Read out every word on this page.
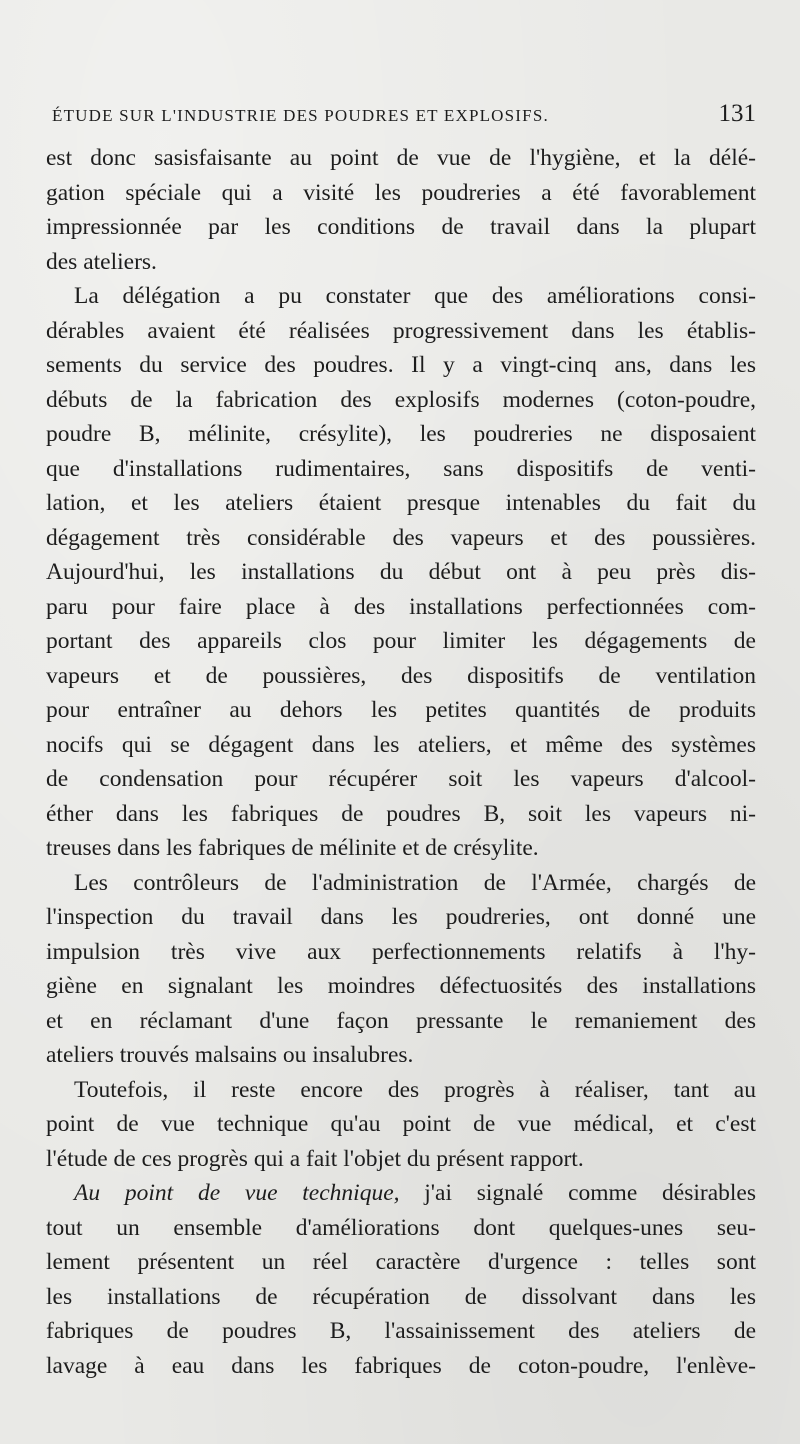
ÉTUDE SUR L'INDUSTRIE DES POUDRES ET EXPLOSIFS.	131
est donc sasisfaisante au point de vue de l'hygiène, et la délé-
gation spéciale qui a visité les poudreries a été favorablement
impressionnée par les conditions de travail dans la plupart
des ateliers.
La délégation a pu constater que des améliorations consi-
dérables avaient été réalisées progressivement dans les établis-
sements du service des poudres. Il y a vingt-cinq ans, dans les
débuts de la fabrication des explosifs modernes (coton-poudre,
poudre B, mélinite, crésylite), les poudreries ne disposaient
que d'installations rudimentaires, sans dispositifs de venti-
lation, et les ateliers étaient presque intenables du fait du
dégagement très considérable des vapeurs et des poussières.
Aujourd'hui, les installations du début ont à peu près dis-
paru pour faire place à des installations perfectionnées com-
portant des appareils clos pour limiter les dégagements de
vapeurs et de poussières, des dispositifs de ventilation
pour entraîner au dehors les petites quantités de produits
nocifs qui se dégagent dans les ateliers, et même des systèmes
de condensation pour récupérer soit les vapeurs d'alcool-
éther dans les fabriques de poudres B, soit les vapeurs ni-
treuses dans les fabriques de mélinite et de crésylite.
Les contrôleurs de l'administration de l'Armée, chargés de
l'inspection du travail dans les poudreries, ont donné une
impulsion très vive aux perfectionnements relatifs à l'hy-
giène en signalant les moindres défectuosités des installations
et en réclamant d'une façon pressante le remaniement des
ateliers trouvés malsains ou insalubres.
Toutefois, il reste encore des progrès à réaliser, tant au
point de vue technique qu'au point de vue médical, et c'est
l'étude de ces progrès qui a fait l'objet du présent rapport.
Au point de vue technique, j'ai signalé comme désirables
tout un ensemble d'améliorations dont quelques-unes seu-
lement présentent un réel caractère d'urgence : telles sont
les installations de récupération de dissolvant dans les
fabriques de poudres B, l'assainissement des ateliers de
lavage à eau dans les fabriques de coton-poudre, l'enlève-
